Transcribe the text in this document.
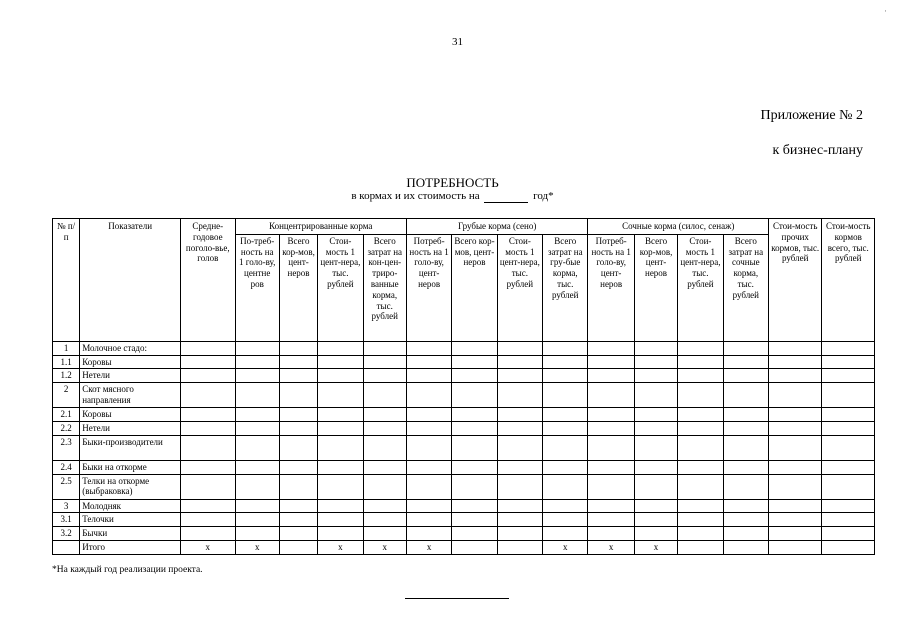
·
31
Приложение № 2
к бизнес-плану
ПОТРЕБНОСТЬ
в кормах и их стоимость на	год*
№ п/п	Показатели	Средне-годовое поголо-вье, голов	Концентрированные корма				Грубые корма (сено)				Сочные корма (силос, сенаж)				Стои-мость прочих кормов, тыс. рублей	Стои-мость кормов всего, тыс. рублей
			По-треб-ность на 1 голо-ву, центне ров	Всего кор-мов, цент-неров	Стои-мость 1 цент-нера, тыс. рублей	Всего затрат на кон-цен-триро-ванные корма, тыс. рублей	Потреб-ность на 1 голо-ву, цент-неров	Всего кор-мов, цент-неров	Стои-мость 1 цент-нера, тыс. рублей	Всего затрат на гру-бые корма, тыс. рублей	Потреб-ность на 1 голо-ву, цент-неров	Всего кор-мов, цент-неров	Стои-мость 1 цент-нера, тыс. рублей	Всего затрат на сочные корма, тыс. рублей		
1	Молочное стадо:															
1.1	Коровы															
1.2	Нетели															
2	Скот мясного направления															
2.1	Коровы															
2.2	Нетели															
2.3	Быки-производители															
2.4	Быки на откорме															
2.5	Телки на откорме (выбраковка)															
3	Молодняк															
3.1	Телочки															
3.2	Бычки															
	Итого	х	х		х	х	х			х	х	х				
*На каждый год реализации проекта.
